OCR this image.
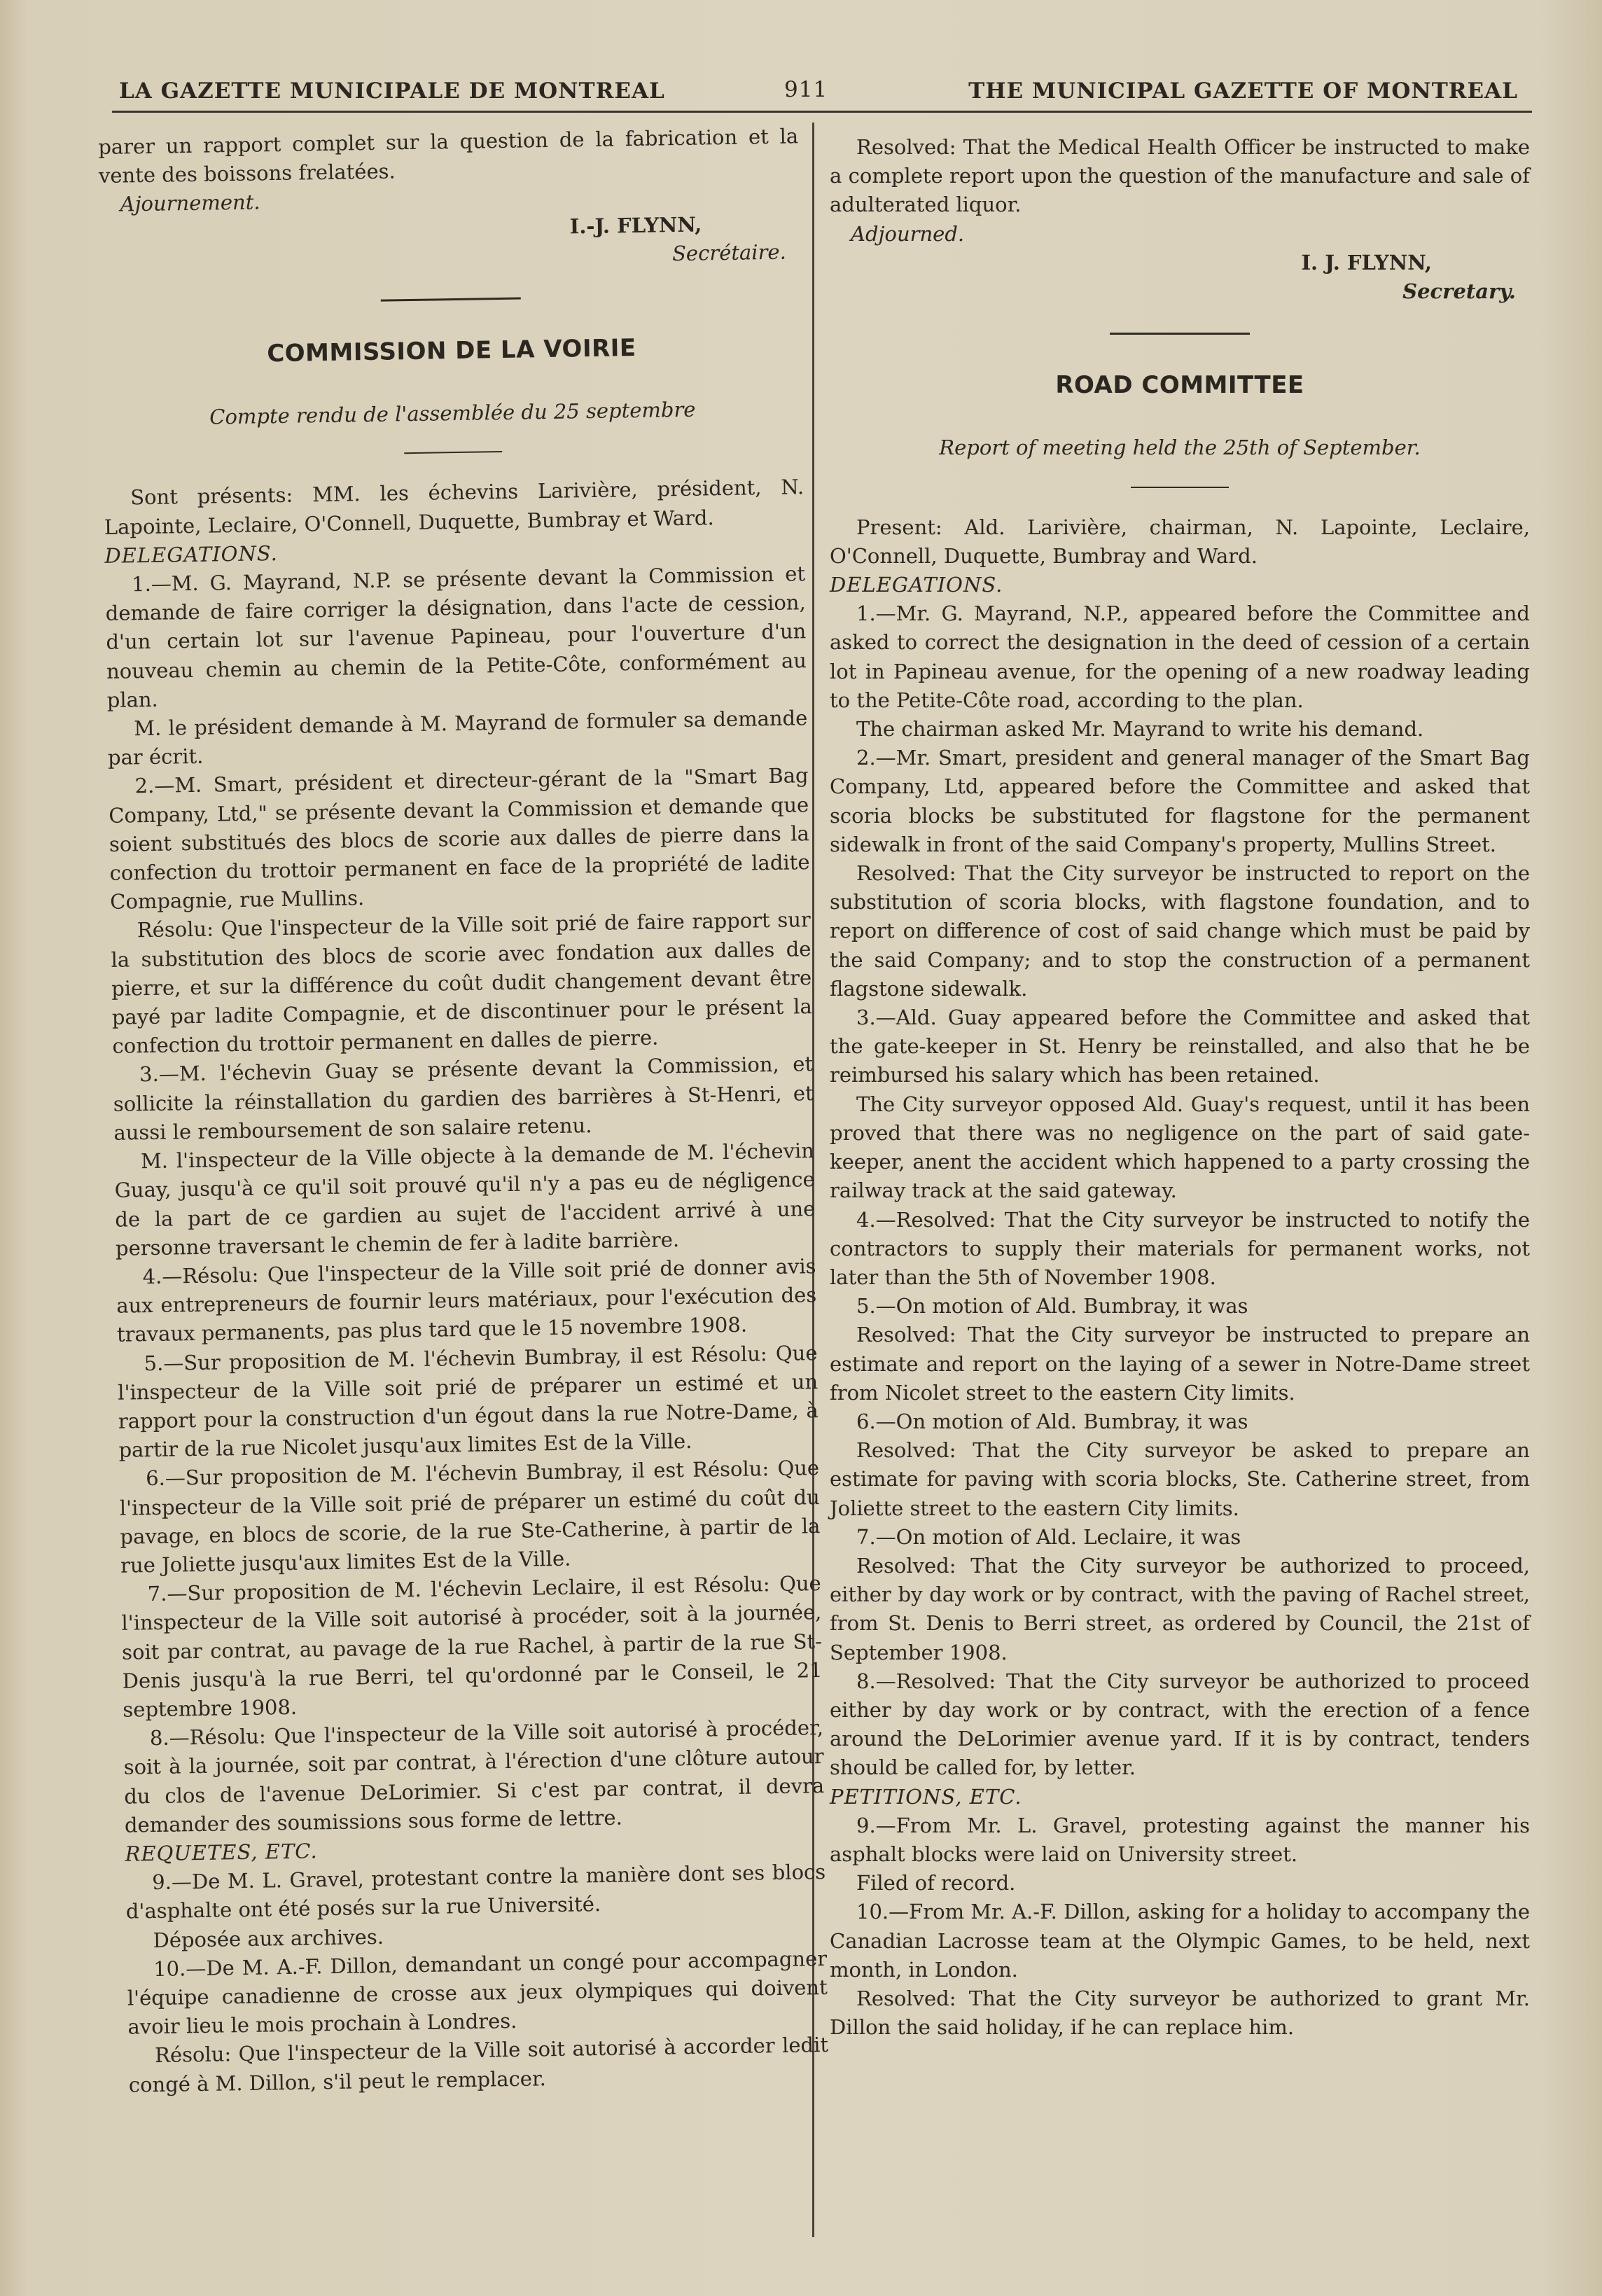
LA GAZETTE MUNICIPALE DE MONTREAL	911	THE MUNICIPAL GAZETTE OF MONTREAL

parer un rapport complet sur la question de la fabrication et la vente des boissons frelatées.

Ajournement.

I.-J. FLYNN,

Secrétaire.

COMMISSION DE LA VOIRIE

Compte rendu de l'assemblée du 25 septembre

Sont présents: MM. les échevins Larivière, président, N. Lapointe, Leclaire, O'Connell, Duquette, Bumbray et Ward.

DELEGATIONS.

1.—M. G. Mayrand, N.P. se présente devant la Commission et demande de faire corriger la désignation, dans l'acte de cession, d'un certain lot sur l'avenue Papineau, pour l'ouverture d'un nouveau chemin au chemin de la Petite-Côte, conformément au plan.

M. le président demande à M. Mayrand de formuler sa demande par écrit.

2.—M. Smart, président et directeur-gérant de la "Smart Bag Company, Ltd," se présente devant la Commission et demande que soient substitués des blocs de scorie aux dalles de pierre dans la confection du trottoir permanent en face de la propriété de ladite Compagnie, rue Mullins.

Résolu: Que l'inspecteur de la Ville soit prié de faire rapport sur la substitution des blocs de scorie avec fondation aux dalles de pierre, et sur la différence du coût dudit changement devant être payé par ladite Compagnie, et de discontinuer pour le présent la confection du trottoir permanent en dalles de pierre.

3.—M. l'échevin Guay se présente devant la Commission, et sollicite la réinstallation du gardien des barrières à St-Henri, et aussi le remboursement de son salaire retenu.

M. l'inspecteur de la Ville objecte à la demande de M. l'échevin Guay, jusqu'à ce qu'il soit prouvé qu'il n'y a pas eu de négligence de la part de ce gardien au sujet de l'accident arrivé à une personne traversant le chemin de fer à ladite barrière.

4.—Résolu: Que l'inspecteur de la Ville soit prié de donner avis aux entrepreneurs de fournir leurs matériaux, pour l'exécution des travaux permanents, pas plus tard que le 15 novembre 1908.

5.—Sur proposition de M. l'échevin Bumbray, il est Résolu: Que l'inspecteur de la Ville soit prié de préparer un estimé et un rapport pour la construction d'un égout dans la rue Notre-Dame, à partir de la rue Nicolet jusqu'aux limites Est de la Ville.

6.—Sur proposition de M. l'échevin Bumbray, il est Résolu: Que l'inspecteur de la Ville soit prié de préparer un estimé du coût du pavage, en blocs de scorie, de la rue Ste-Catherine, à partir de la rue Joliette jusqu'aux limites Est de la Ville.

7.—Sur proposition de M. l'échevin Leclaire, il est Résolu: Que l'inspecteur de la Ville soit autorisé à procéder, soit à la journée, soit par contrat, au pavage de la rue Rachel, à partir de la rue St-Denis jusqu'à la rue Berri, tel qu'ordonné par le Conseil, le 21 septembre 1908.

8.—Résolu: Que l'inspecteur de la Ville soit autorisé à procéder, soit à la journée, soit par contrat, à l'érection d'une clôture autour du clos de l'avenue DeLorimier. Si c'est par contrat, il devra demander des soumissions sous forme de lettre.

REQUETES, ETC.

9.—De M. L. Gravel, protestant contre la manière dont ses blocs d'asphalte ont été posés sur la rue Université.

Déposée aux archives.

10.—De M. A.-F. Dillon, demandant un congé pour accompagner l'équipe canadienne de crosse aux jeux olympiques qui doivent avoir lieu le mois prochain à Londres.

Résolu: Que l'inspecteur de la Ville soit autorisé à accorder ledit congé à M. Dillon, s'il peut le remplacer.

Resolved: That the Medical Health Officer be instructed to make a complete report upon the question of the manufacture and sale of adulterated liquor.

Adjourned.

I. J. FLYNN,

Secretary.

ROAD COMMITTEE

Report of meeting held the 25th of September.

Present: Ald. Larivière, chairman, N. Lapointe, Leclaire, O'Connell, Duquette, Bumbray and Ward.

DELEGATIONS.

1.—Mr. G. Mayrand, N.P., appeared before the Committee and asked to correct the designation in the deed of cession of a certain lot in Papineau avenue, for the opening of a new roadway leading to the Petite-Côte road, according to the plan.

The chairman asked Mr. Mayrand to write his demand.

2.—Mr. Smart, president and general manager of the Smart Bag Company, Ltd, appeared before the Committee and asked that scoria blocks be substituted for flagstone for the permanent sidewalk in front of the said Company's property, Mullins Street.

Resolved: That the City surveyor be instructed to report on the substitution of scoria blocks, with flagstone foundation, and to report on difference of cost of said change which must be paid by the said Company; and to stop the construction of a permanent flagstone sidewalk.

3.—Ald. Guay appeared before the Committee and asked that the gate-keeper in St. Henry be reinstalled, and also that he be reimbursed his salary which has been retained.

The City surveyor opposed Ald. Guay's request, until it has been proved that there was no negligence on the part of said gate-keeper, anent the accident which happened to a party crossing the railway track at the said gateway.

4.—Resolved: That the City surveyor be instructed to notify the contractors to supply their materials for permanent works, not later than the 5th of November 1908.

5.—On motion of Ald. Bumbray, it was

Resolved: That the City surveyor be instructed to prepare an estimate and report on the laying of a sewer in Notre-Dame street from Nicolet street to the eastern City limits.

6.—On motion of Ald. Bumbray, it was

Resolved: That the City surveyor be asked to prepare an estimate for paving with scoria blocks, Ste. Catherine street, from Joliette street to the eastern City limits.

7.—On motion of Ald. Leclaire, it was

Resolved: That the City surveyor be authorized to proceed, either by day work or by contract, with the paving of Rachel street, from St. Denis to Berri street, as ordered by Council, the 21st of September 1908.

8.—Resolved: That the City surveyor be authorized to proceed either by day work or by contract, with the erection of a fence around the DeLorimier avenue yard. If it is by contract, tenders should be called for, by letter.

PETITIONS, ETC.

9.—From Mr. L. Gravel, protesting against the manner his asphalt blocks were laid on University street.

Filed of record.

10.—From Mr. A.-F. Dillon, asking for a holiday to accompany the Canadian Lacrosse team at the Olympic Games, to be held, next month, in London.

Resolved: That the City surveyor be authorized to grant Mr. Dillon the said holiday, if he can replace him.
